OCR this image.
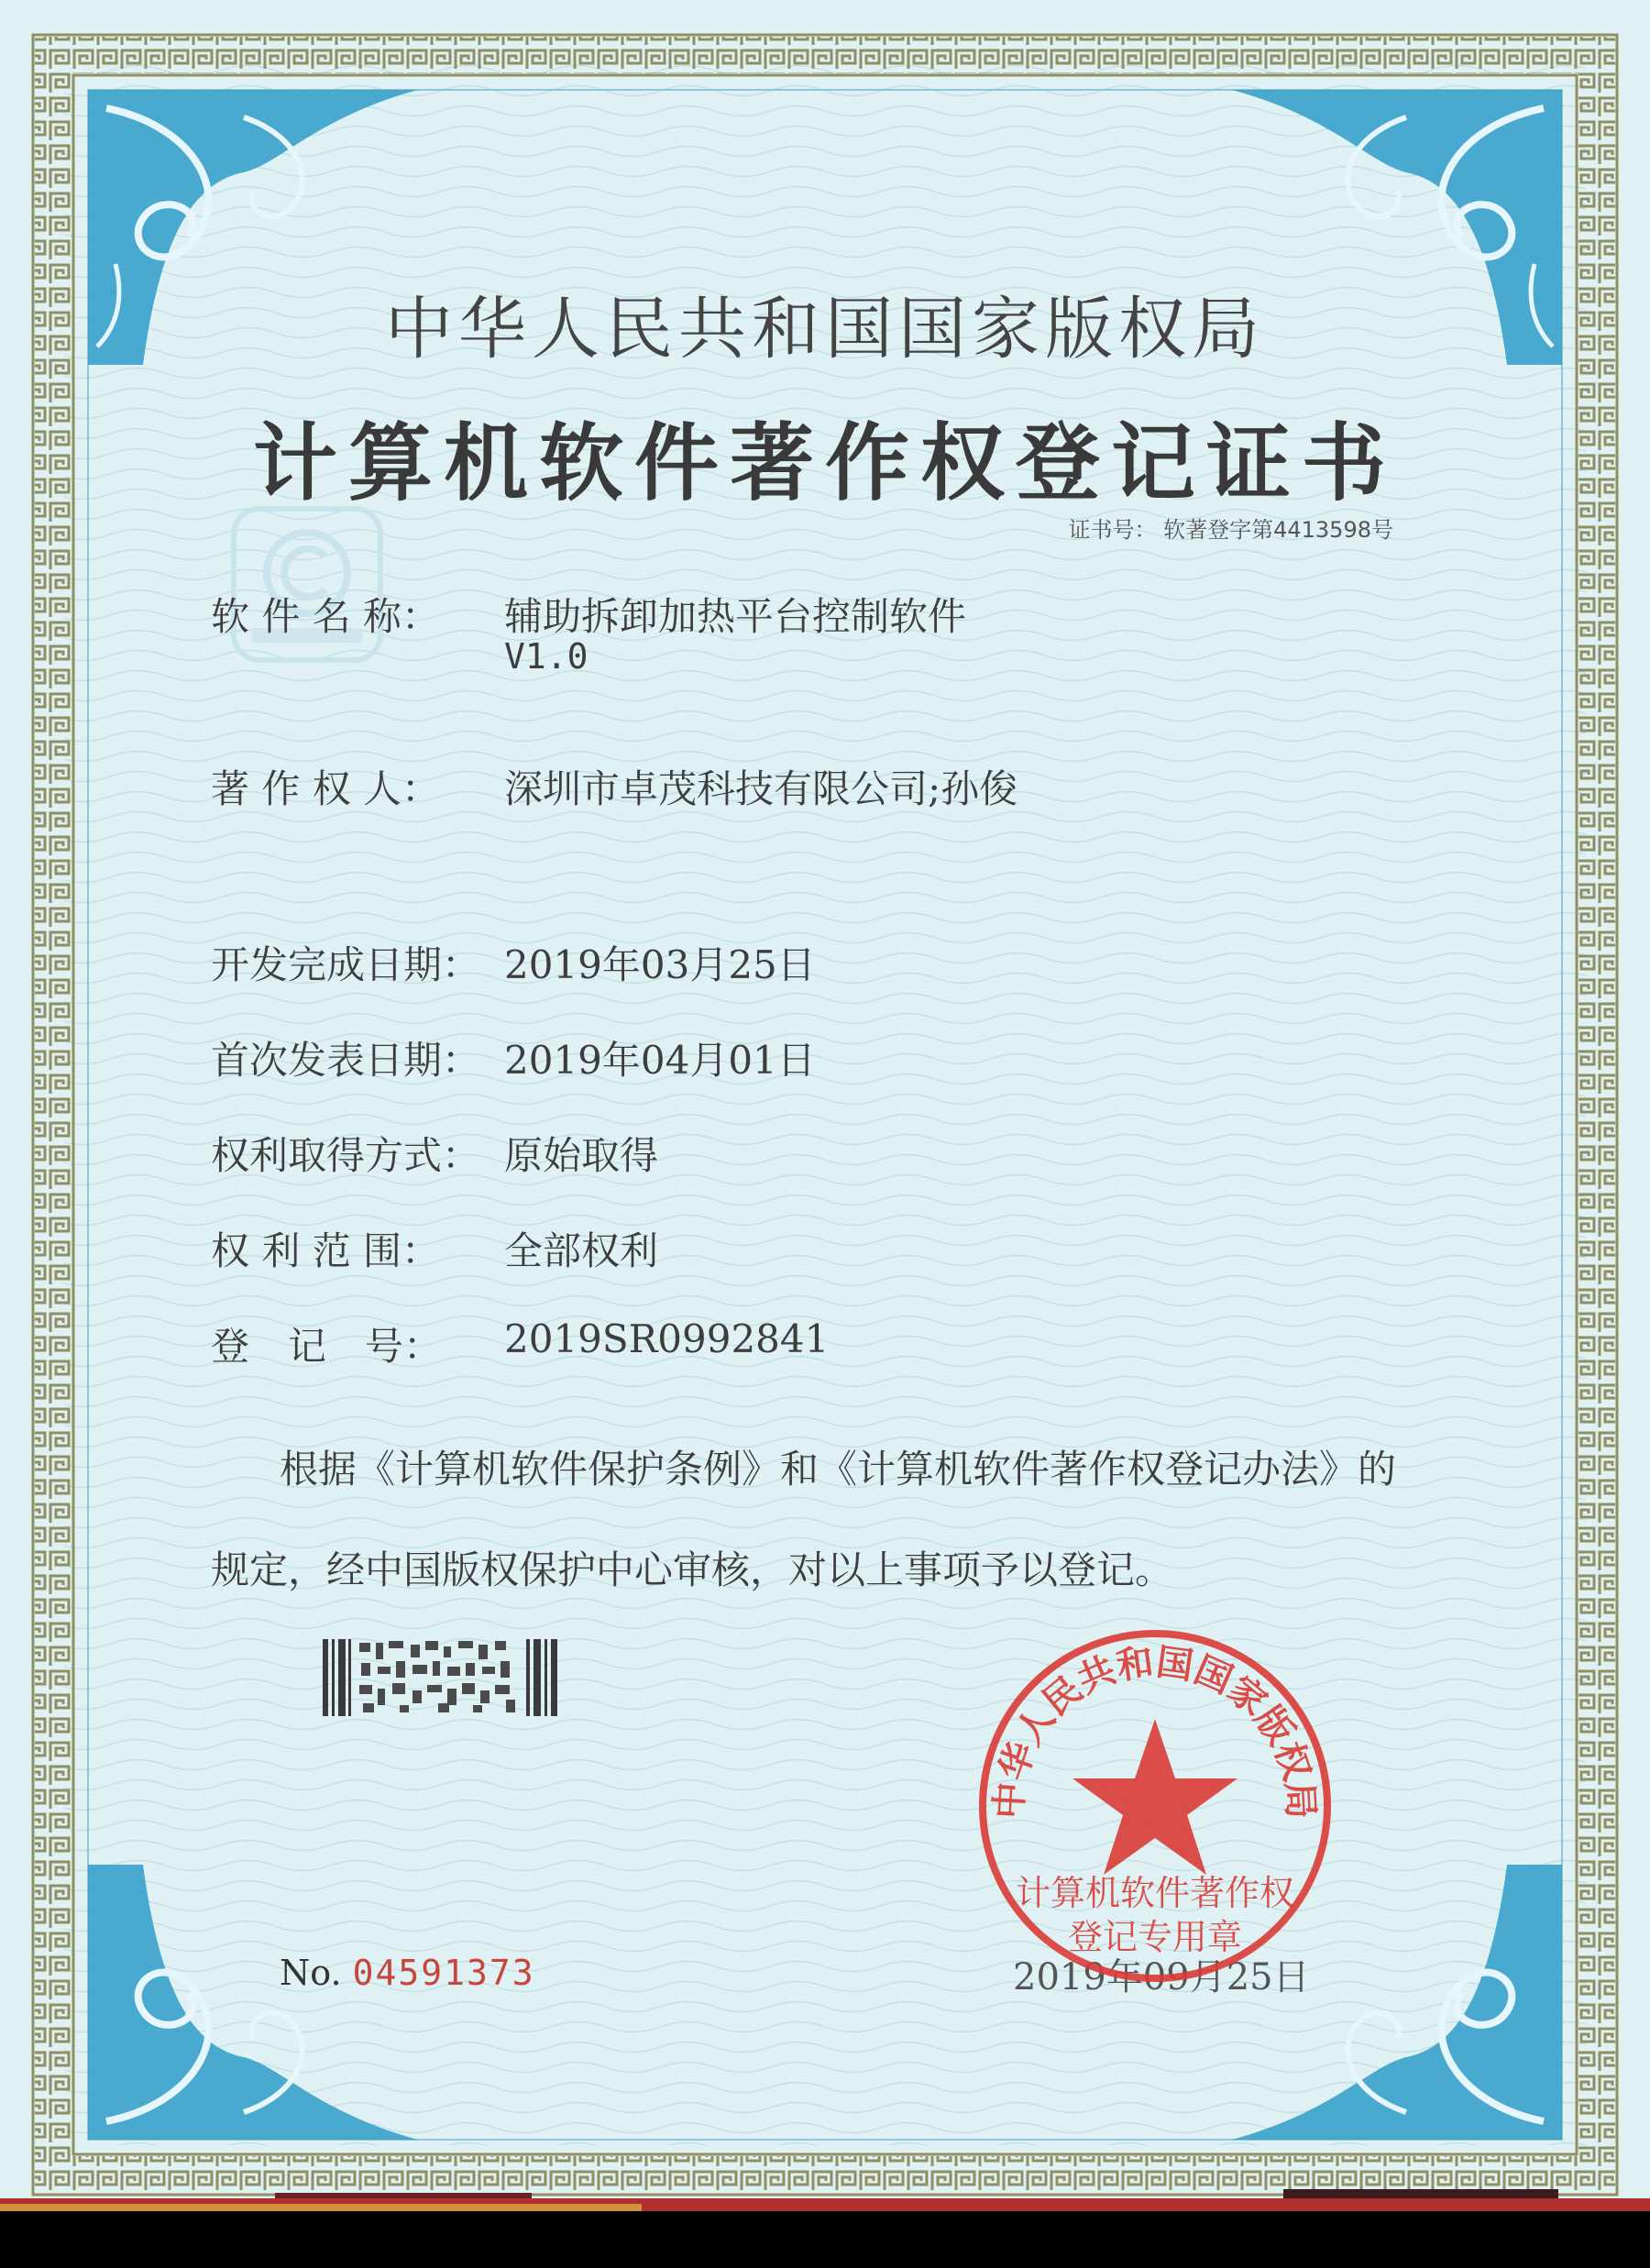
中华人民共和国国家版权局
计算机软件著作权登记证书
证书号： 软著登字第4413598号
软 件 名 称：	辅助拆卸加热平台控制软件
V1.0
著 作 权 人：	深圳市卓茂科技有限公司;孙俊
开发完成日期： 2019年03月25日
首次发表日期： 2019年04月01日
权利取得方式： 原始取得
权 利 范 围：	全部权利
登　记　号：	2019SR0992841
根据《计算机软件保护条例》和《计算机软件著作权登记办法》的
规定，经中国版权保护中心审核，对以上事项予以登记。
No. 04591373	2019年09月25日
中华人民共和国国家版权局
计算机软件著作权
登记专用章
